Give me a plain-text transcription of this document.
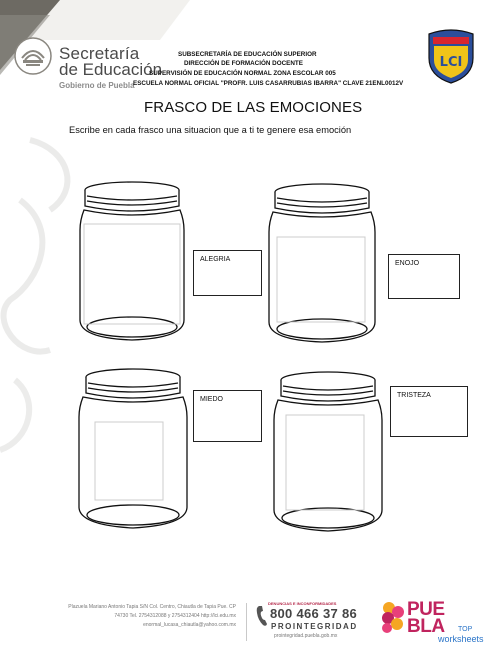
Secretaría
de Educación
Gobierno de Puebla
SUBSECRETARÍA DE EDUCACIÓN SUPERIOR
DIRECCIÓN DE FORMACIÓN DOCENTE
SUPERVISIÓN DE EDUCACIÓN NORMAL ZONA ESCOLAR 005
ESCUELA NORMAL OFICIAL "PROFR. LUIS CASARRUBIAS IBARRA" CLAVE 21ENL0012V
LCI
FRASCO DE LAS EMOCIONES
Escribe en cada frasco una situacion que a ti te genere esa emoción
ALEGRIA
ENOJO
MIEDO
TRISTEZA
Plazuela Mariano Antonio Tapia S/N Col. Centro, Chiautla de Tapia Pue. CP
74730 Tel. 2754312088 y 2754312404 http://lci.edu.mx
enormal_lucasa_chiautla@yahoo.com.mx
DENUNCIAS E INCONFORMIDADES
800 466 37 86
PROINTEGRIDAD
prointegridad.puebla.gob.mx
PUE BLA	TOP
worksheets
